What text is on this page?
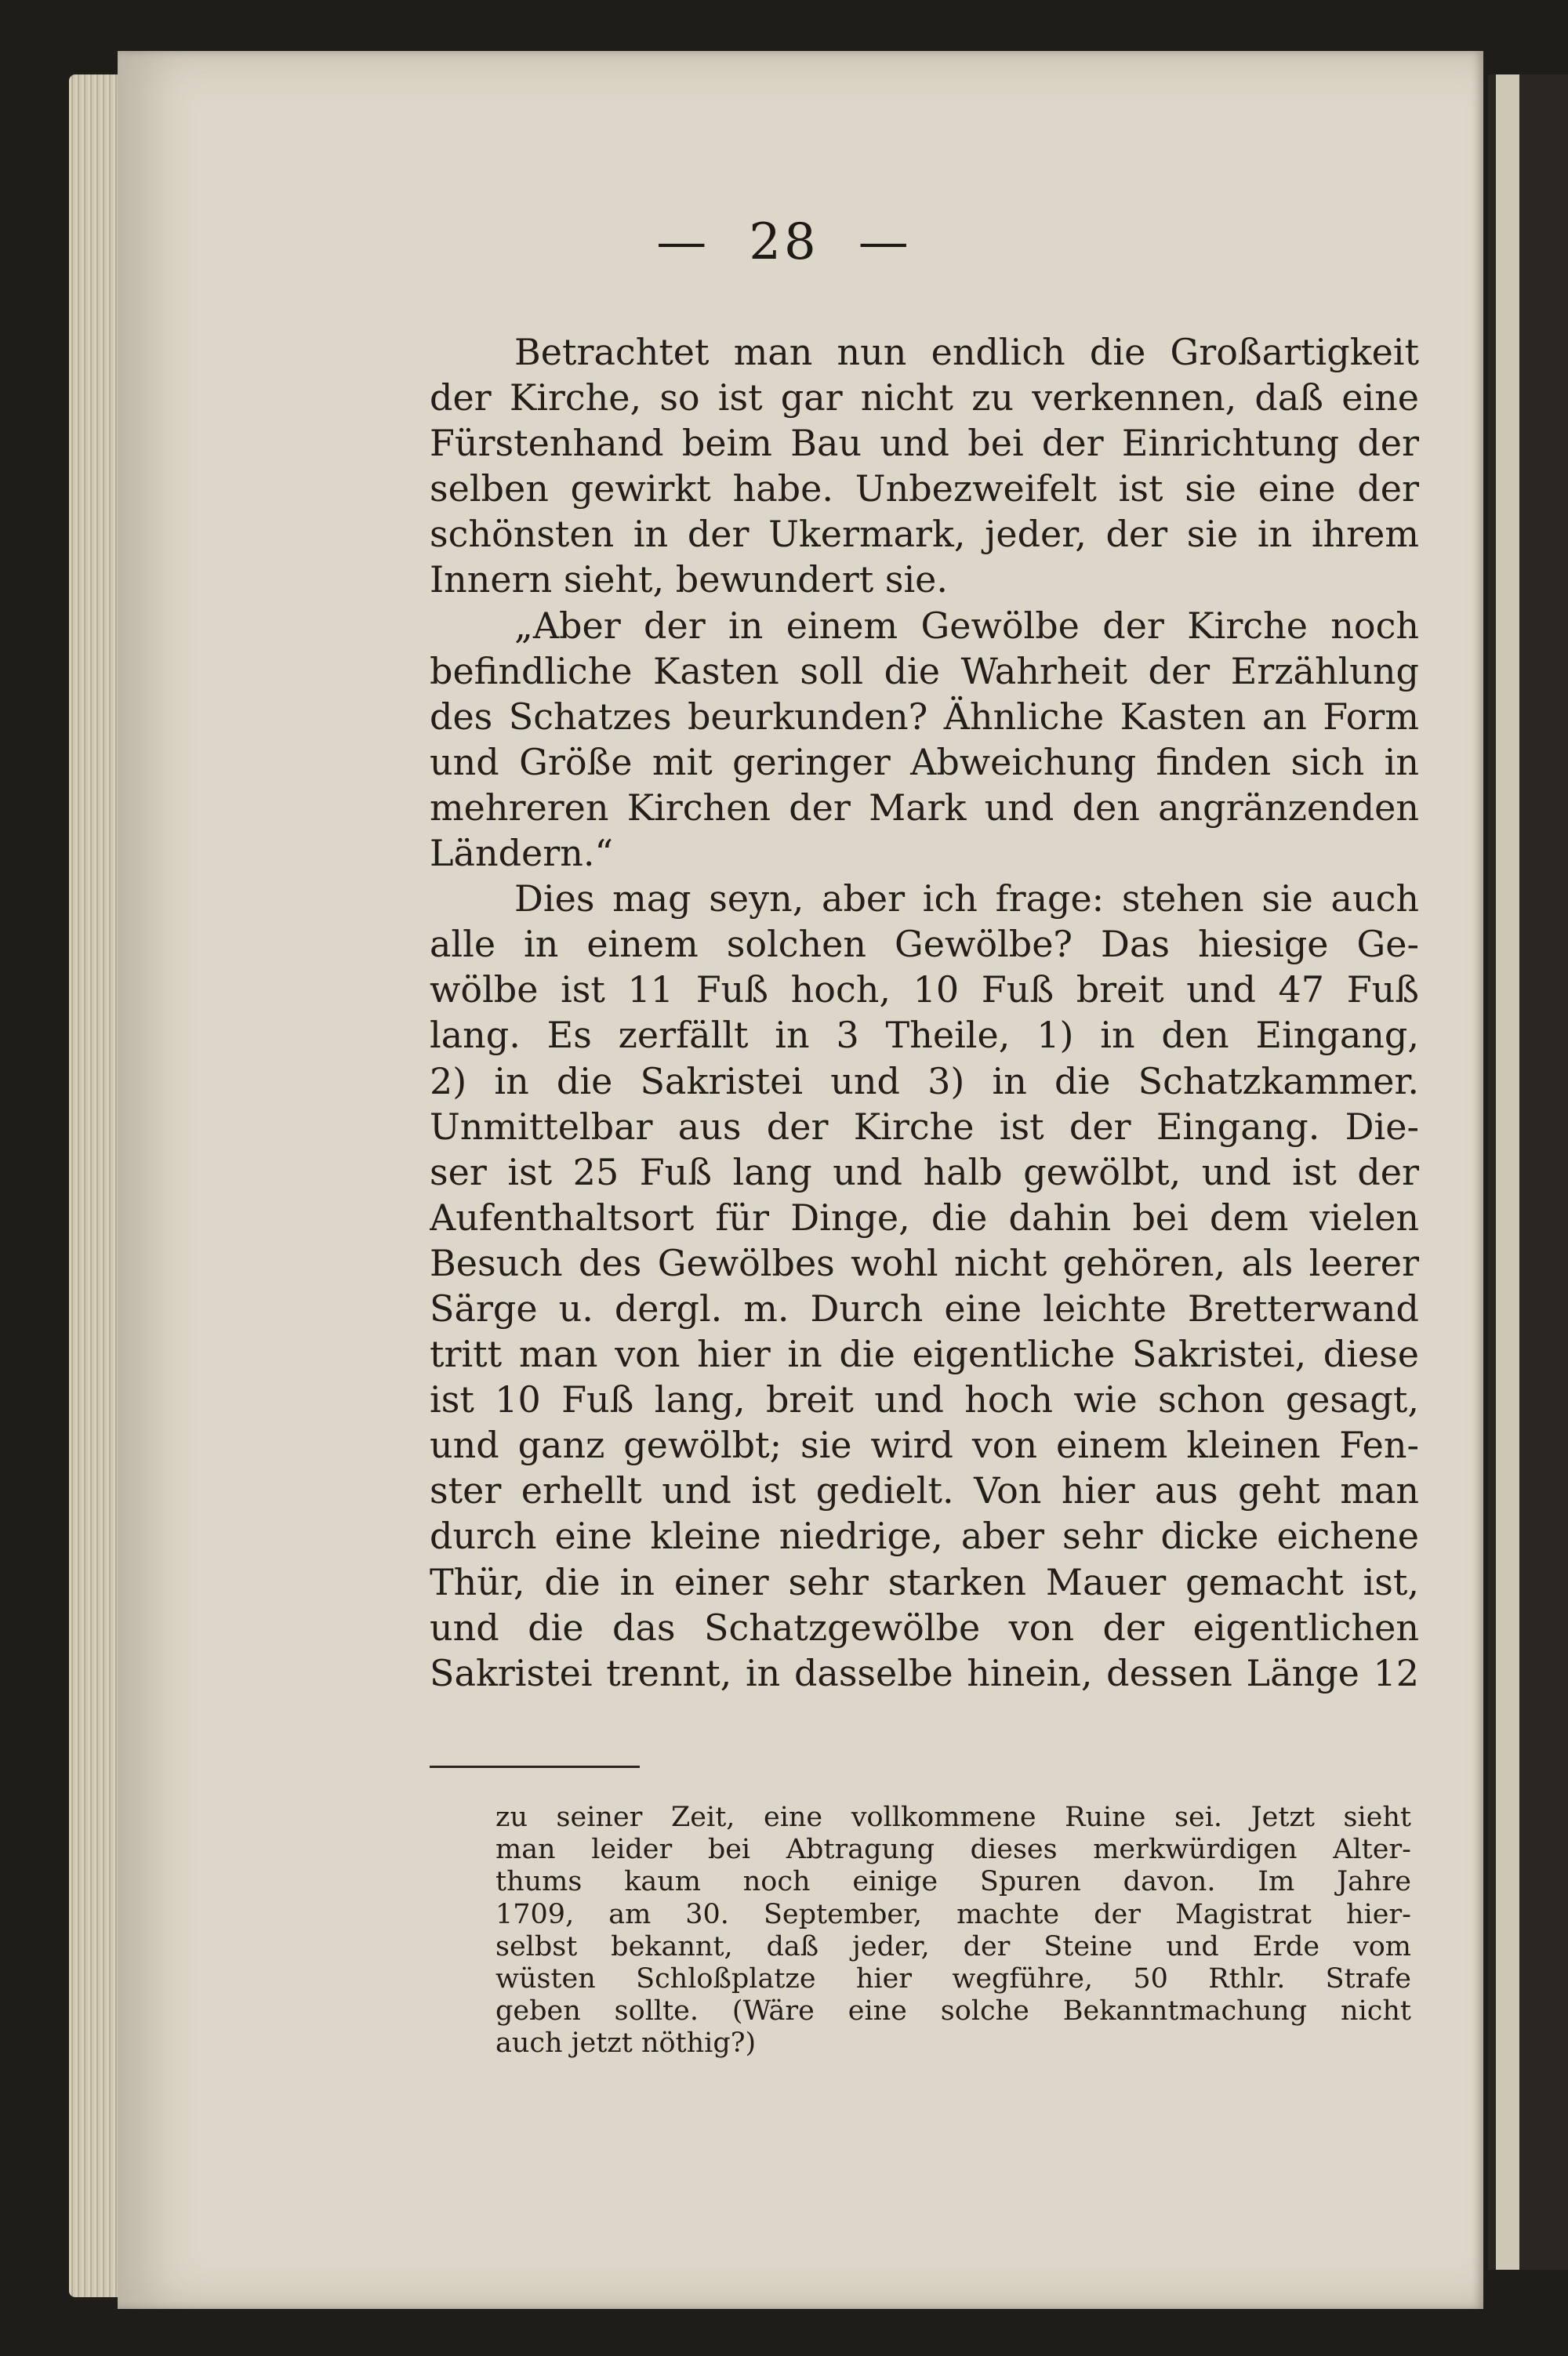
— 28 —
Betrachtet man nun endlich die Großartigkeit
der Kirche, so ist gar nicht zu verkennen, daß eine
Fürstenhand beim Bau und bei der Einrichtung der
selben gewirkt habe. Unbezweifelt ist sie eine der
schönsten in der Ukermark, jeder, der sie in ihrem
Innern sieht, bewundert sie.
„Aber der in einem Gewölbe der Kirche noch
befindliche Kasten soll die Wahrheit der Erzählung
des Schatzes beurkunden? Ähnliche Kasten an Form
und Größe mit geringer Abweichung finden sich in
mehreren Kirchen der Mark und den angränzenden
Ländern.“
Dies mag seyn, aber ich frage: stehen sie auch
alle in einem solchen Gewölbe? Das hiesige Ge-
wölbe ist 11 Fuß hoch, 10 Fuß breit und 47 Fuß
lang. Es zerfällt in 3 Theile, 1) in den Eingang,
2) in die Sakristei und 3) in die Schatzkammer.
Unmittelbar aus der Kirche ist der Eingang. Die-
ser ist 25 Fuß lang und halb gewölbt, und ist der
Aufenthaltsort für Dinge, die dahin bei dem vielen
Besuch des Gewölbes wohl nicht gehören, als leerer
Särge u. dergl. m. Durch eine leichte Bretterwand
tritt man von hier in die eigentliche Sakristei, diese
ist 10 Fuß lang, breit und hoch wie schon gesagt,
und ganz gewölbt; sie wird von einem kleinen Fen-
ster erhellt und ist gedielt. Von hier aus geht man
durch eine kleine niedrige, aber sehr dicke eichene
Thür, die in einer sehr starken Mauer gemacht ist,
und die das Schatzgewölbe von der eigentlichen
Sakristei trennt, in dasselbe hinein, dessen Länge 12
zu seiner Zeit, eine vollkommene Ruine sei. Jetzt sieht
man leider bei Abtragung dieses merkwürdigen Alter-
thums kaum noch einige Spuren davon. Im Jahre
1709, am 30. September, machte der Magistrat hier-
selbst bekannt, daß jeder, der Steine und Erde vom
wüsten Schloßplatze hier wegführe, 50 Rthlr. Strafe
geben sollte. (Wäre eine solche Bekanntmachung nicht
auch jetzt nöthig?)
